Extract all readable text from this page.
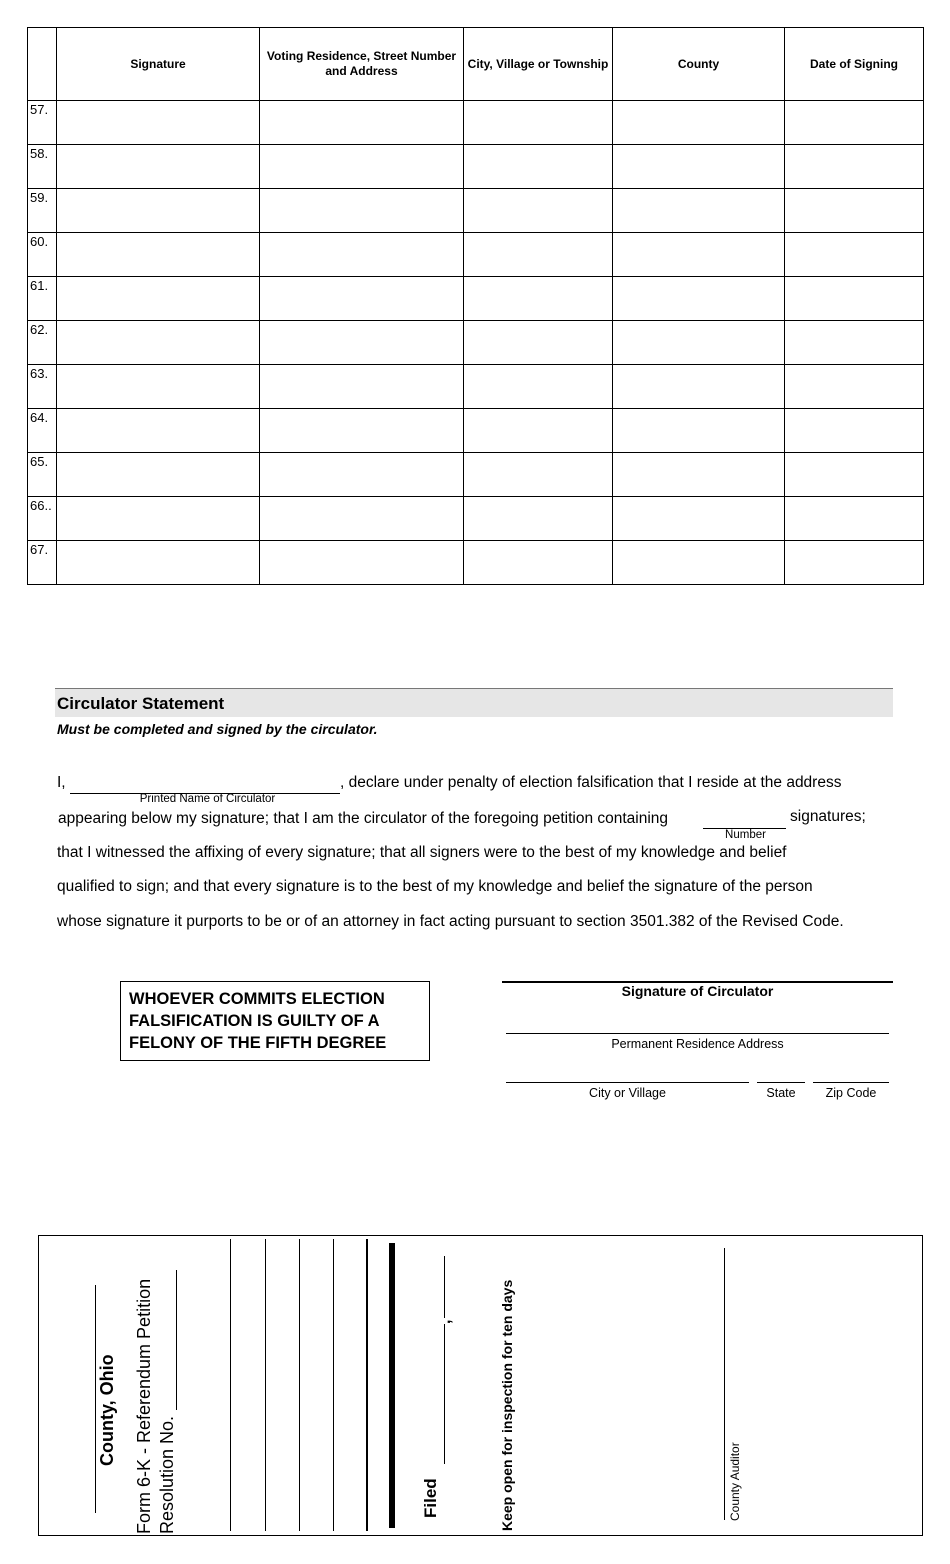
	Signature	Voting Residence, Street Number and Address	City, Village or Township	County	Date of Signing
57.					
58.					
59.					
60.					
61.					
62.					
63.					
64.					
65.					
66..					
67.					
Circulator Statement
Must be completed and signed by the circulator.
I,	, declare under penalty of election falsification that I reside at the address
Printed Name of Circulator
appearing below my signature; that I am the circulator of the foregoing petition containing	signatures;
Number
that I witnessed the affixing of every signature; that all signers were to the best of my knowledge and belief
qualified to sign; and that every signature is to the best of my knowledge and belief the signature of the person
whose signature it purports to be or of an attorney in fact acting pursuant to section 3501.382 of the Revised Code.
WHOEVER COMMITS ELECTION
FALSIFICATION IS GUILTY OF A
FELONY OF THE FIFTH DEGREE
Signature of Circulator
Permanent Residence Address
City or Village	State	Zip Code
County, Ohio Form 6-K - Referendum Petition Resolution No.	Filed
,	Keep open for inspection for ten days	County Auditor
